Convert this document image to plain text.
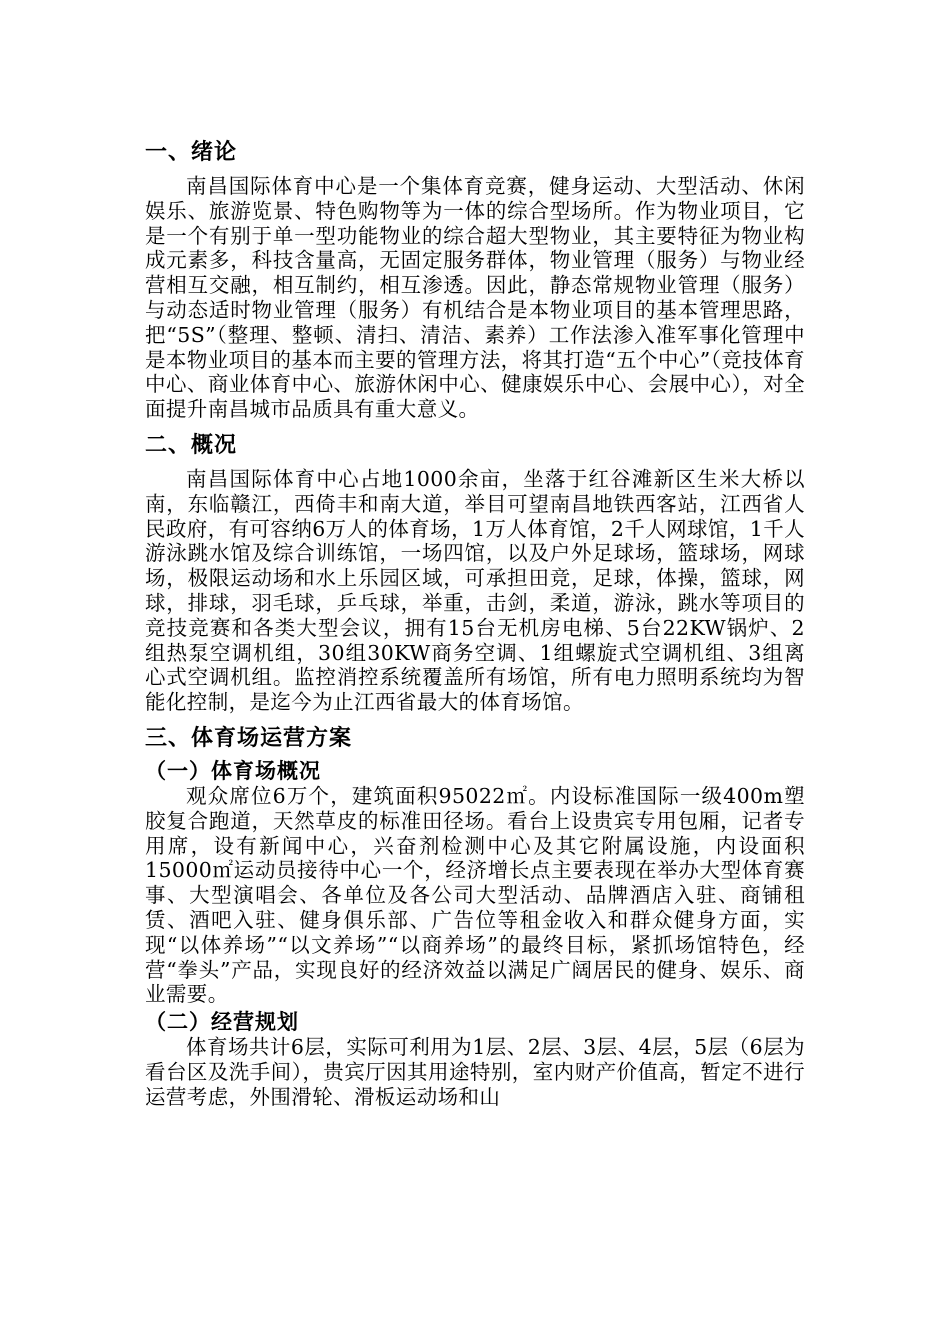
一、绪论

南昌国际体育中心是一个集体育竞赛，健身运动、大型活动、休闲娱乐、旅游览景、特色购物等为一体的综合型场所。作为物业项目，它是一个有别于单一型功能物业的综合超大型物业，其主要特征为物业构成元素多，科技含量高，无固定服务群体，物业管理（服务）与物业经营相互交融，相互制约，相互渗透。因此，静态常规物业管理（服务）与动态适时物业管理（服务）有机结合是本物业项目的基本管理思路，把“5S”（整理、整顿、清扫、清洁、素养）工作法渗入准军事化管理中是本物业项目的基本而主要的管理方法，将其打造“五个中心”（竞技体育中心、商业体育中心、旅游休闲中心、健康娱乐中心、会展中心），对全面提升南昌城市品质具有重大意义。

二、概况

南昌国际体育中心占地1000余亩，坐落于红谷滩新区生米大桥以南，东临赣江，西倚丰和南大道，举目可望南昌地铁西客站，江西省人民政府，有可容纳6万人的体育场，1万人体育馆，2千人网球馆，1千人游泳跳水馆及综合训练馆，一场四馆，以及户外足球场，篮球场，网球场，极限运动场和水上乐园区域，可承担田竞，足球，体操，篮球，网球，排球，羽毛球，乒乓球，举重，击剑，柔道，游泳，跳水等项目的竞技竞赛和各类大型会议，拥有15台无机房电梯、5台22KW锅炉、2组热泵空调机组，30组30KW商务空调、1组螺旋式空调机组、3组离心式空调机组。监控消控系统覆盖所有场馆，所有电力照明系统均为智能化控制，是迄今为止江西省最大的体育场馆。

三、体育场运营方案
（一）体育场概况

观众席位6万个，建筑面积95022㎡。内设标准国际一级400m塑胶复合跑道，天然草皮的标准田径场。看台上设贵宾专用包厢，记者专用席，设有新闻中心，兴奋剂检测中心及其它附属设施，内设面积15000㎡运动员接待中心一个，经济增长点主要表现在举办大型体育赛事、大型演唱会、各单位及各公司大型活动、品牌酒店入驻、商铺租赁、酒吧入驻、健身俱乐部、广告位等租金收入和群众健身方面，实现“以体养场”“以文养场”“以商养场”的最终目标，紧抓场馆特色，经营“拳头”产品，实现良好的经济效益以满足广阔居民的健身、娱乐、商业需要。

（二）经营规划

体育场共计6层，实际可利用为1层、2层、3层、4层，5层（6层为看台区及洗手间），贵宾厅因其用途特别，室内财产价值高，暂定不进行运营考虑，外围滑轮、滑板运动场和山
